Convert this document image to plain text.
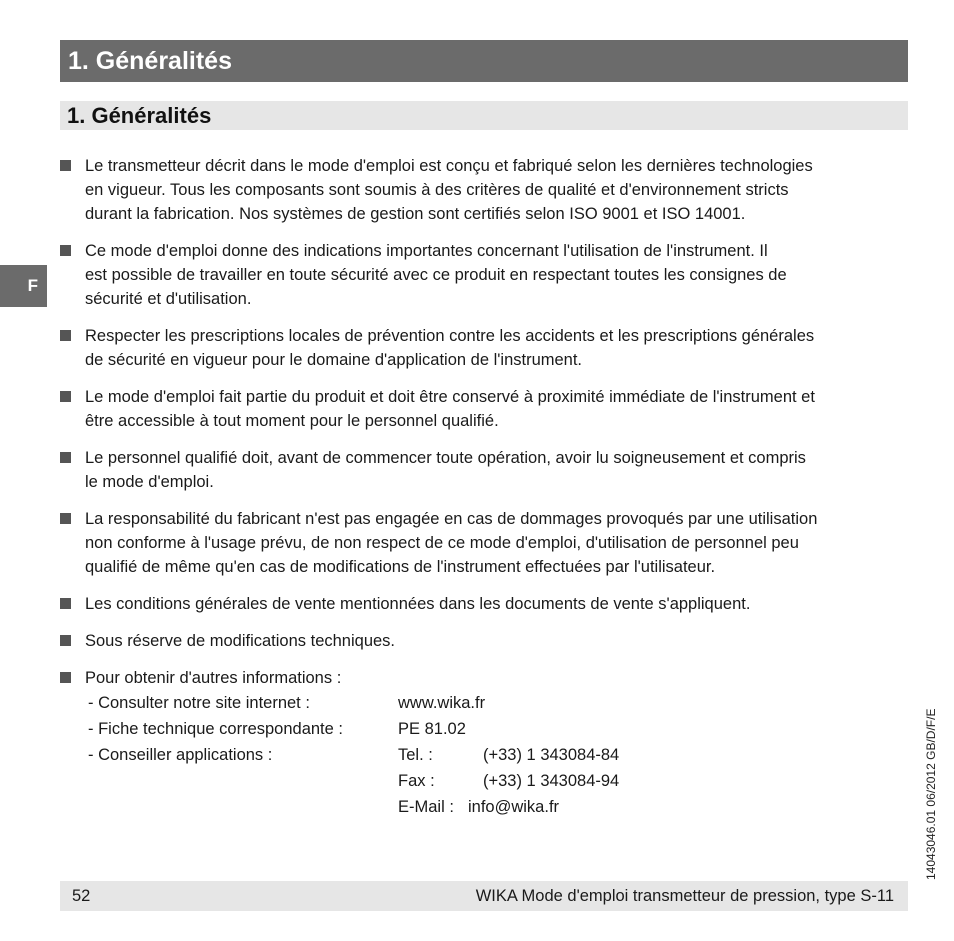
1. Généralités
1. Généralités
F
Le transmetteur décrit dans le mode d'emploi est conçu et fabriqué selon les dernières technologies
en vigueur. Tous les composants sont soumis à des critères de qualité et d'environnement stricts
durant la fabrication. Nos systèmes de gestion sont certifiés selon ISO 9001 et ISO 14001.
Ce mode d'emploi donne des indications importantes concernant l'utilisation de l'instrument. Il
est possible de travailler en toute sécurité avec ce produit en respectant toutes les consignes de
sécurité et d'utilisation.
Respecter les prescriptions locales de prévention contre les accidents et les prescriptions générales
de sécurité en vigueur pour le domaine d'application de l'instrument.
Le mode d'emploi fait partie du produit et doit être conservé à proximité immédiate de l'instrument et
être accessible à tout moment pour le personnel qualifié.
Le personnel qualifié doit, avant de commencer toute opération, avoir lu soigneusement et compris
le mode d'emploi.
La responsabilité du fabricant n'est pas engagée en cas de dommages provoqués par une utilisation
non conforme à l'usage prévu, de non respect de ce mode d'emploi, d'utilisation de personnel peu
qualifié de même qu'en cas de modifications de l'instrument effectuées par l'utilisateur.
Les conditions générales de vente mentionnées dans les documents de vente s'appliquent.
Sous réserve de modifications techniques.
Pour obtenir d'autres informations :
- Consulter notre site internet :	www.wika.fr
- Fiche technique correspondante :	PE 81.02
- Conseiller applications :	Tel. :	(+33) 1 343084-84
Fax :	(+33) 1 343084-94
E-Mail : info@wika.fr
52	WIKA Mode d'emploi transmetteur de pression, type S-11
14043046.01 06/2012 GB/D/F/E
